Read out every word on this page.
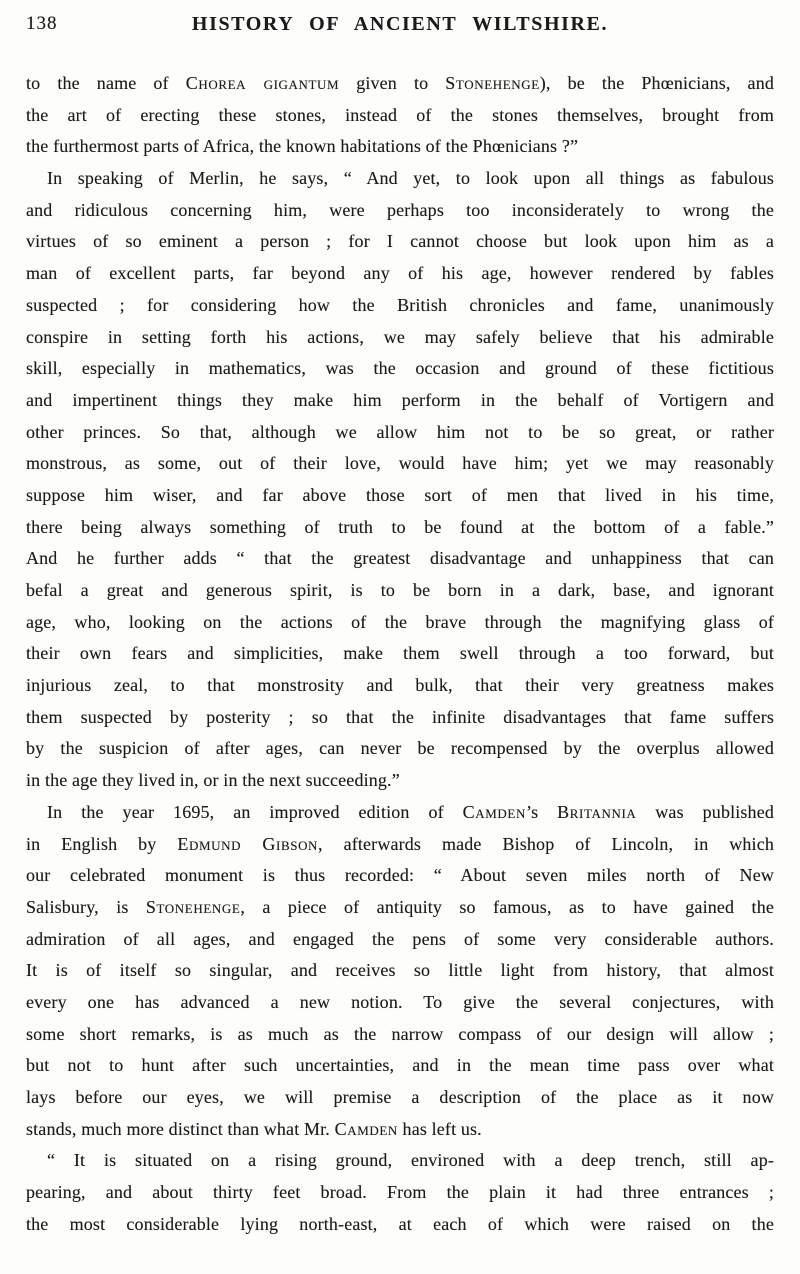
138	HISTORY OF ANCIENT WILTSHIRE.
to the name of Chorea gigantum given to Stonehenge), be the Phœnicians, and
the art of erecting these stones, instead of the stones themselves, brought from
the furthermost parts of Africa, the known habitations of the Phœnicians ?”
In speaking of Merlin, he says, “ And yet, to look upon all things as fabulous
and ridiculous concerning him, were perhaps too inconsiderately to wrong the
virtues of so eminent a person ; for I cannot choose but look upon him as a
man of excellent parts, far beyond any of his age, however rendered by fables
suspected ; for considering how the British chronicles and fame, unanimously
conspire in setting forth his actions, we may safely believe that his admirable
skill, especially in mathematics, was the occasion and ground of these fictitious
and impertinent things they make him perform in the behalf of Vortigern and
other princes. So that, although we allow him not to be so great, or rather
monstrous, as some, out of their love, would have him; yet we may reasonably
suppose him wiser, and far above those sort of men that lived in his time,
there being always something of truth to be found at the bottom of a fable.”
And he further adds “ that the greatest disadvantage and unhappiness that can
befal a great and generous spirit, is to be born in a dark, base, and ignorant
age, who, looking on the actions of the brave through the magnifying glass of
their own fears and simplicities, make them swell through a too forward, but
injurious zeal, to that monstrosity and bulk, that their very greatness makes
them suspected by posterity ; so that the infinite disadvantages that fame suffers
by the suspicion of after ages, can never be recompensed by the overplus allowed
in the age they lived in, or in the next succeeding.”
In the year 1695, an improved edition of Camden’s Britannia was published
in English by Edmund Gibson, afterwards made Bishop of Lincoln, in which
our celebrated monument is thus recorded: “ About seven miles north of New
Salisbury, is Stonehenge, a piece of antiquity so famous, as to have gained the
admiration of all ages, and engaged the pens of some very considerable authors.
It is of itself so singular, and receives so little light from history, that almost
every one has advanced a new notion. To give the several conjectures, with
some short remarks, is as much as the narrow compass of our design will allow ;
but not to hunt after such uncertainties, and in the mean time pass over what
lays before our eyes, we will premise a description of the place as it now
stands, much more distinct than what Mr. Camden has left us.
“ It is situated on a rising ground, environed with a deep trench, still ap-
pearing, and about thirty feet broad. From the plain it had three entrances ;
the most considerable lying north-east, at each of which were raised on the
